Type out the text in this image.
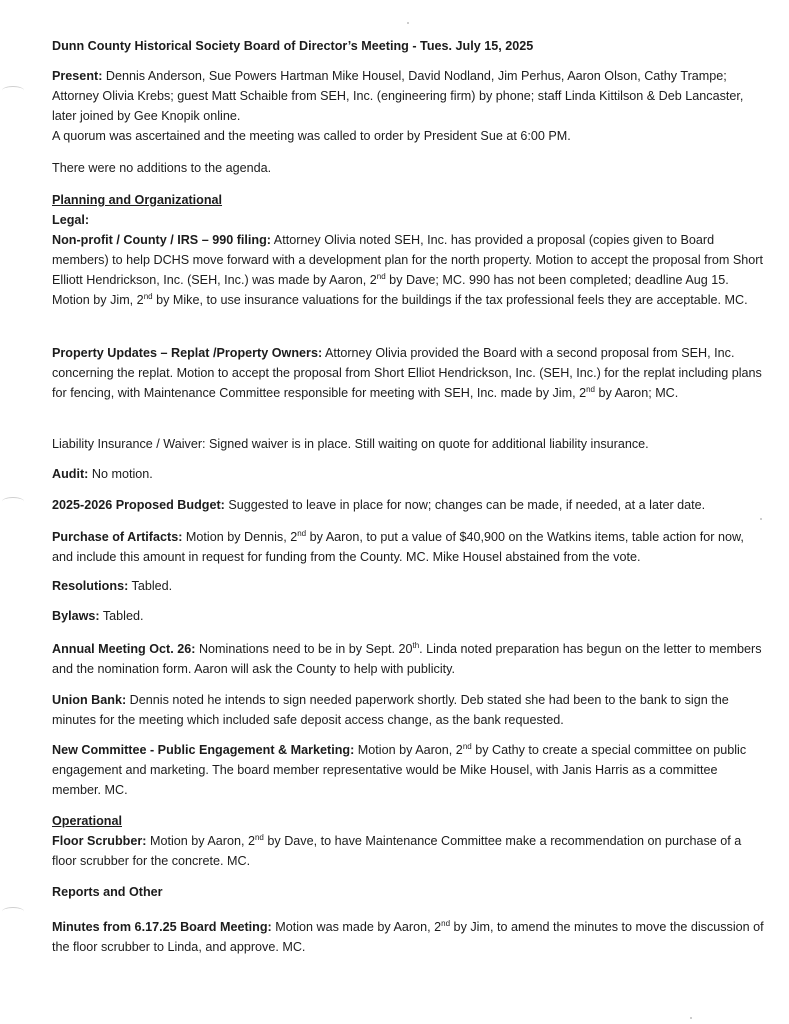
Dunn County Historical Society Board of Director’s Meeting - Tues. July 15, 2025
Present: Dennis Anderson, Sue Powers Hartman Mike Housel, David Nodland, Jim Perhus, Aaron Olson, Cathy Trampe; Attorney Olivia Krebs; guest Matt Schaible from SEH, Inc. (engineering firm) by phone; staff Linda Kittilson & Deb Lancaster, later joined by Gee Knopik online.
A quorum was ascertained and the meeting was called to order by President Sue at 6:00 PM.
There were no additions to the agenda.
Planning and Organizational
Legal:
Non-profit / County / IRS – 990 filing: Attorney Olivia noted SEH, Inc. has provided a proposal (copies given to Board members) to help DCHS move forward with a development plan for the north property. Motion to accept the proposal from Short Elliott Hendrickson, Inc. (SEH, Inc.) was made by Aaron, 2nd by Dave; MC. 990 has not been completed; deadline Aug 15. Motion by Jim, 2nd by Mike, to use insurance valuations for the buildings if the tax professional feels they are acceptable. MC.
Property Updates – Replat /Property Owners: Attorney Olivia provided the Board with a second proposal from SEH, Inc. concerning the replat. Motion to accept the proposal from Short Elliot Hendrickson, Inc. (SEH, Inc.) for the replat including plans for fencing, with Maintenance Committee responsible for meeting with SEH, Inc. made by Jim, 2nd by Aaron; MC.
Liability Insurance / Waiver: Signed waiver is in place. Still waiting on quote for additional liability insurance.
Audit: No motion.
2025-2026 Proposed Budget: Suggested to leave in place for now; changes can be made, if needed, at a later date.
Purchase of Artifacts: Motion by Dennis, 2nd by Aaron, to put a value of $40,900 on the Watkins items, table action for now, and include this amount in request for funding from the County. MC. Mike Housel abstained from the vote.
Resolutions: Tabled.
Bylaws: Tabled.
Annual Meeting Oct. 26: Nominations need to be in by Sept. 20th. Linda noted preparation has begun on the letter to members and the nomination form. Aaron will ask the County to help with publicity.
Union Bank: Dennis noted he intends to sign needed paperwork shortly. Deb stated she had been to the bank to sign the minutes for the meeting which included safe deposit access change, as the bank requested.
New Committee - Public Engagement & Marketing: Motion by Aaron, 2nd by Cathy to create a special committee on public engagement and marketing. The board member representative would be Mike Housel, with Janis Harris as a committee member. MC.
Operational
Floor Scrubber: Motion by Aaron, 2nd by Dave, to have Maintenance Committee make a recommendation on purchase of a floor scrubber for the concrete. MC.
Reports and Other
Minutes from 6.17.25 Board Meeting: Motion was made by Aaron, 2nd by Jim, to amend the minutes to move the discussion of the floor scrubber to Linda, and approve. MC.
